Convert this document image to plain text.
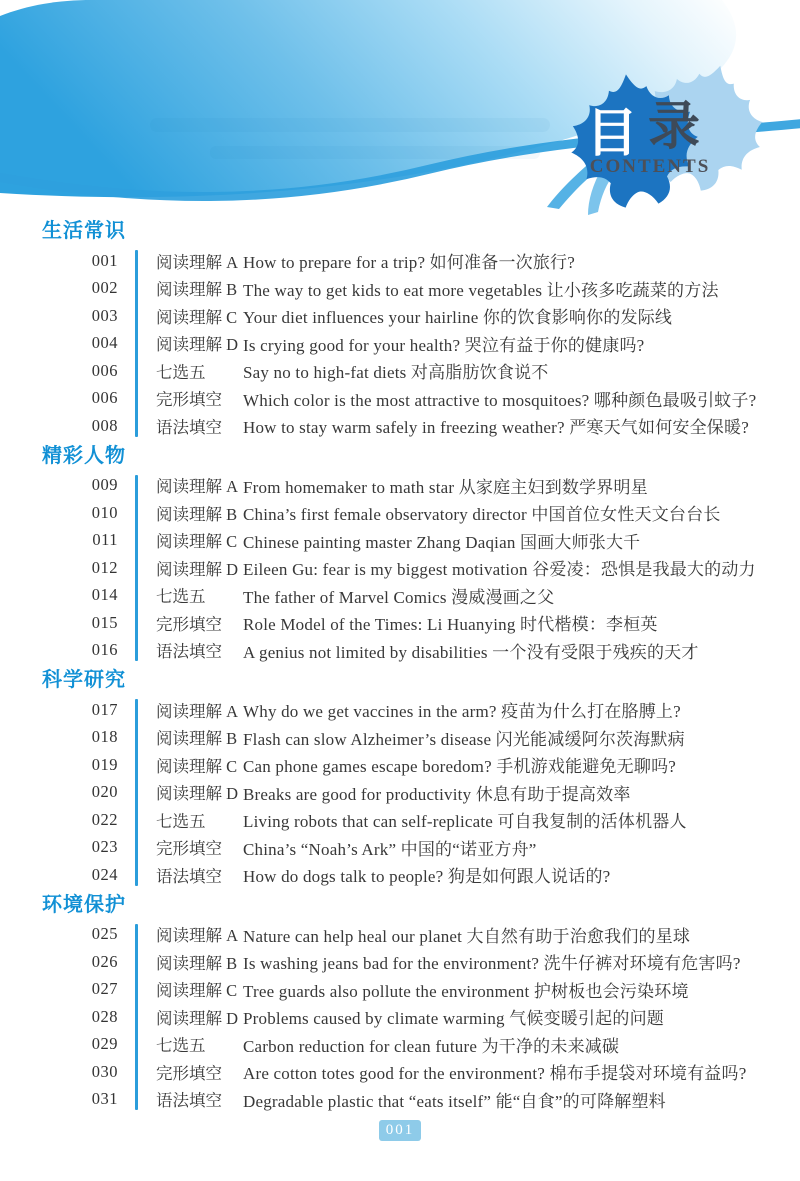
目 录
CONTENTS
生活常识
001 阅读理解 A How to prepare for a trip? 如何准备一次旅行?
002 阅读理解 B The way to get kids to eat more vegetables 让小孩多吃蔬菜的方法
003 阅读理解 C Your diet influences your hairline 你的饮食影响你的发际线
004 阅读理解 D Is crying good for your health? 哭泣有益于你的健康吗?
006 七选五	Say no to high-fat diets 对高脂肪饮食说不
006 完形填空	Which color is the most attractive to mosquitoes? 哪种颜色最吸引蚊子?
008 语法填空	How to stay warm safely in freezing weather? 严寒天气如何安全保暖?
精彩人物
009 阅读理解 A From homemaker to math star 从家庭主妇到数学界明星
010 阅读理解 B China’s first female observatory director 中国首位女性天文台台长
011 阅读理解 C Chinese painting master Zhang Daqian 国画大师张大千
012 阅读理解 D Eileen Gu: fear is my biggest motivation 谷爱凌：恐惧是我最大的动力
014 七选五	The father of Marvel Comics 漫威漫画之父
015 完形填空	Role Model of the Times: Li Huanying 时代楷模：李桓英
016 语法填空	A genius not limited by disabilities 一个没有受限于残疾的天才
科学研究
017 阅读理解 A Why do we get vaccines in the arm? 疫苗为什么打在胳膊上?
018 阅读理解 B Flash can slow Alzheimer’s disease 闪光能减缓阿尔茨海默病
019 阅读理解 C Can phone games escape boredom? 手机游戏能避免无聊吗?
020 阅读理解 D Breaks are good for productivity 休息有助于提高效率
022 七选五	Living robots that can self-replicate 可自我复制的活体机器人
023 完形填空	China’s “Noah’s Ark” 中国的“诺亚方舟”
024 语法填空	How do dogs talk to people? 狗是如何跟人说话的?
环境保护
025 阅读理解 A Nature can help heal our planet 大自然有助于治愈我们的星球
026 阅读理解 B Is washing jeans bad for the environment? 洗牛仔裤对环境有危害吗?
027 阅读理解 C Tree guards also pollute the environment 护树板也会污染环境
028 阅读理解 D Problems caused by climate warming 气候变暖引起的问题
029 七选五	Carbon reduction for clean future 为干净的未来减碳
030 完形填空	Are cotton totes good for the environment? 棉布手提袋对环境有益吗?
031 语法填空	Degradable plastic that “eats itself” 能“自食”的可降解塑料
001
